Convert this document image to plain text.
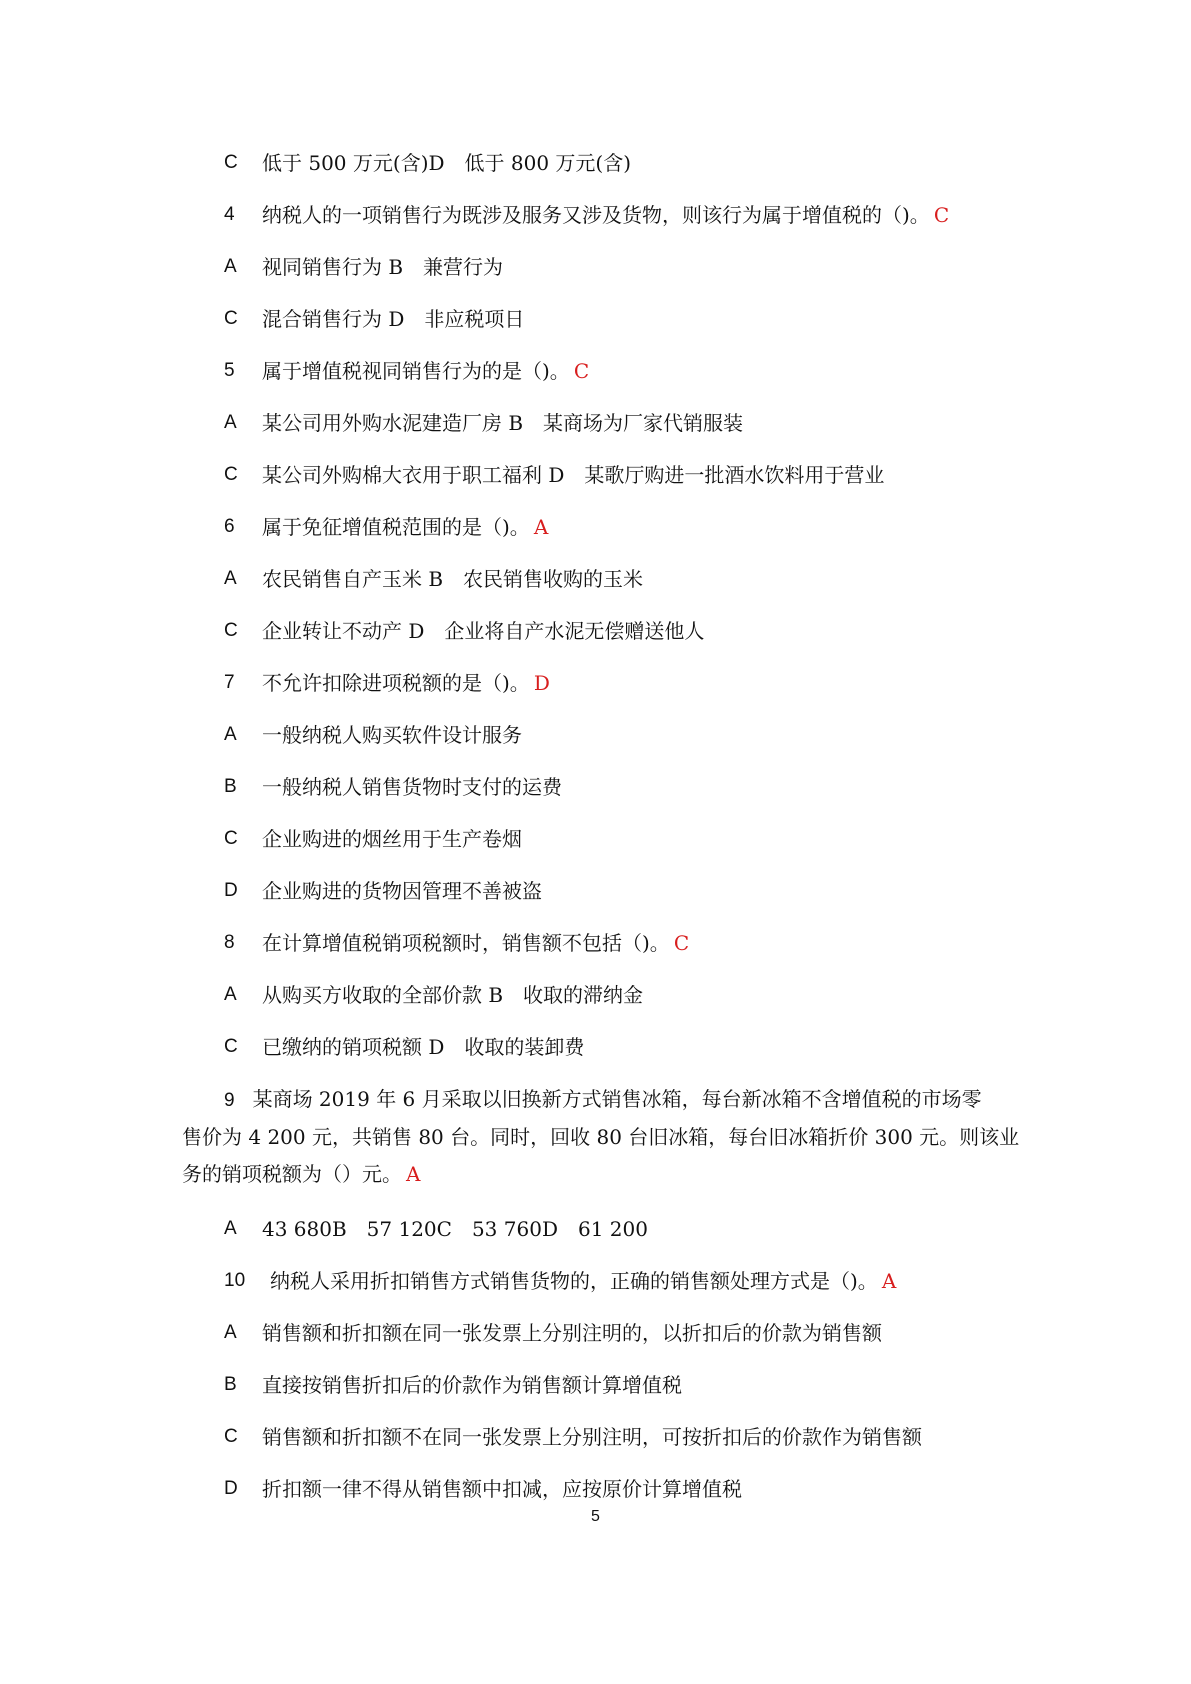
C 低于 500 万元(含)D　低于 800 万元(含)
4 纳税人的一项销售行为既涉及服务又涉及货物，则该行为属于增值税的（)。 C
A 视同销售行为 B　兼营行为
C 混合销售行为 D　非应税项日
5 属于增值税视同销售行为的是（)。 C
A 某公司用外购水泥建造厂房 B　某商场为厂家代销服装
C 某公司外购棉大衣用于职工福利 D　某歌厅购进一批酒水饮料用于营业
6 属于免征增值税范围的是（)。 A
A 农民销售自产玉米 B　农民销售收购的玉米
C 企业转让不动产 D　企业将自产水泥无偿赠送他人
7 不允许扣除进项税额的是（)。 D
A 一般纳税人购买软件设计服务
B 一般纳税人销售货物时支付的运费
C 企业购进的烟丝用于生产卷烟
D 企业购进的货物因管理不善被盗
8 在计算增值税销项税额时，销售额不包括（)。 C
A 从购买方收取的全部价款 B　收取的滞纳金
C 已缴纳的销项税额 D　收取的装卸费
9 某商场 2019 年 6 月采取以旧换新方式销售冰箱，每台新冰箱不含增值税的市场零
售价为 4 200 元，共销售 80 台。同时，回收 80 台旧冰箱，每台旧冰箱折价 300 元。则该业
务的销项税额为（）元。 A
A 43 680B　57 120C　53 760D　61 200
10 纳税人采用折扣销售方式销售货物的，正确的销售额处理方式是（)。 A
A 销售额和折扣额在同一张发票上分别注明的，以折扣后的价款为销售额
B 直接按销售折扣后的价款作为销售额计算增值税
C 销售额和折扣额不在同一张发票上分别注明，可按折扣后的价款作为销售额
D 折扣额一律不得从销售额中扣减，应按原价计算增值税
5
